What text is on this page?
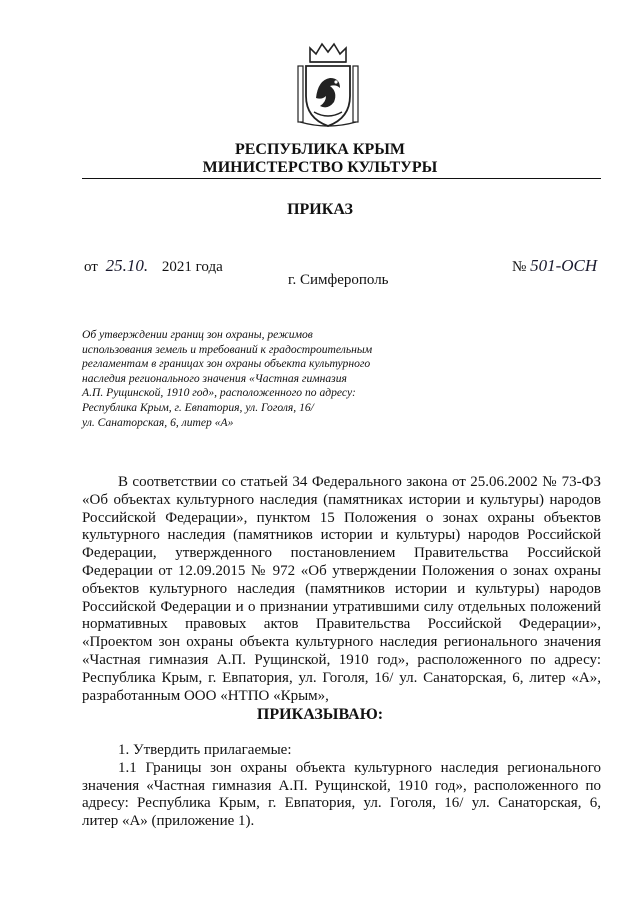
РЕСПУБЛИКА КРЫМ
МИНИСТЕРСТВО КУЛЬТУРЫ
ПРИКАЗ
от 25.10. 2021 года	№ 501-ОСН
г. Симферополь
Об утверждении границ зон охраны, режимов
использования земель и требований к градостроительным
регламентам в границах зон охраны объекта культурного
наследия регионального значения «Частная гимназия
А.П. Рущинской, 1910 год», расположенного по адресу:
Республика Крым, г. Евпатория, ул. Гоголя, 16/
ул. Санаторская, 6, литер «А»
В соответствии со статьей 34 Федерального закона от 25.06.2002 № 73-ФЗ
«Об объектах культурного наследия (памятниках истории и культуры) народов
Российской Федерации», пунктом 15 Положения о зонах охраны объектов
культурного наследия (памятников истории и культуры) народов Российской
Федерации, утвержденного постановлением Правительства Российской
Федерации от 12.09.2015 № 972 «Об утверждении Положения о зонах охраны
объектов культурного наследия (памятников истории и культуры) народов
Российской Федерации и о признании утратившими силу отдельных положений
нормативных правовых актов Правительства Российской Федерации»,
«Проектом зон охраны объекта культурного наследия регионального значения
«Частная гимназия А.П. Рущинской, 1910 год», расположенного по адресу:
Республика Крым, г. Евпатория, ул. Гоголя, 16/ ул. Санаторская, 6, литер «А»,
разработанным ООО «НТПО «Крым»,
ПРИКАЗЫВАЮ:
1. Утвердить прилагаемые:
1.1 Границы зон охраны объекта культурного наследия регионального
значения «Частная гимназия А.П. Рущинской, 1910 год», расположенного по
адресу: Республика Крым, г. Евпатория, ул. Гоголя, 16/ ул. Санаторская, 6,
литер «А» (приложение 1).
